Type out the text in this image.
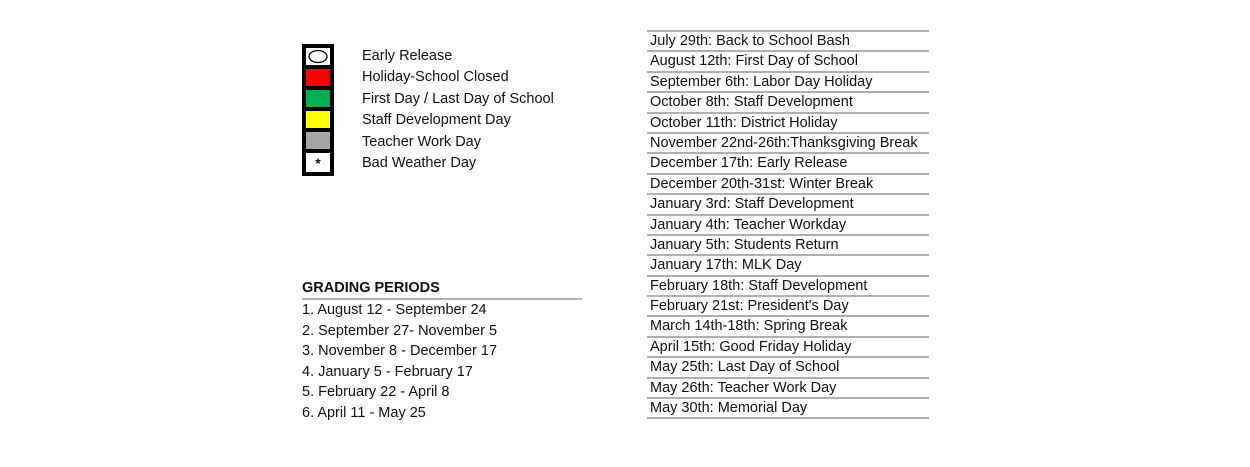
*
Early Release
Holiday-School Closed
First Day / Last Day of School
Staff Development Day
Teacher Work Day
Bad Weather Day
GRADING PERIODS
1. August 12 - September 24
2. September 27- November 5
3. November 8 - December 17
4. January 5 - February 17
5. February 22 - April 8
6. April 11 - May 25
July 29th: Back to School Bash
August 12th: First Day of School
September 6th: Labor Day Holiday
October 8th: Staff Development
October 11th: District Holiday
November 22nd-26th:Thanksgiving Break
December 17th: Early Release
December 20th-31st: Winter Break
January 3rd: Staff Development
January 4th: Teacher Workday
January 5th: Students Return
January 17th: MLK Day
February 18th: Staff Development
February 21st: President's Day
March 14th-18th: Spring Break
April 15th: Good Friday Holiday
May 25th: Last Day of School
May 26th: Teacher Work Day
May 30th: Memorial Day
